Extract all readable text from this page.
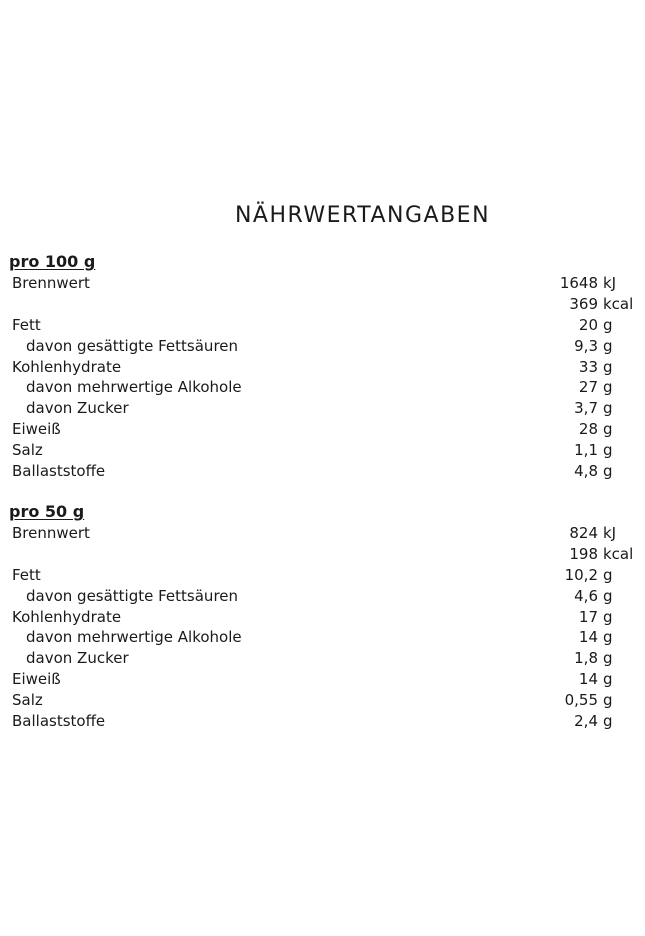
NÄHRWERTANGABEN
pro 100 g
Brennwert	1648 kJ
369 kcal
Fett	20 g
davon gesättigte Fettsäuren	9,3 g
Kohlenhydrate	33 g
davon mehrwertige Alkohole	27 g
davon Zucker	3,7 g
Eiweiß	28 g
Salz	1,1 g
Ballaststoffe	4,8 g
pro 50 g
Brennwert	824 kJ
198 kcal
Fett	10,2 g
davon gesättigte Fettsäuren	4,6 g
Kohlenhydrate	17 g
davon mehrwertige Alkohole	14 g
davon Zucker	1,8 g
Eiweiß	14 g
Salz	0,55 g
Ballaststoffe	2,4 g
